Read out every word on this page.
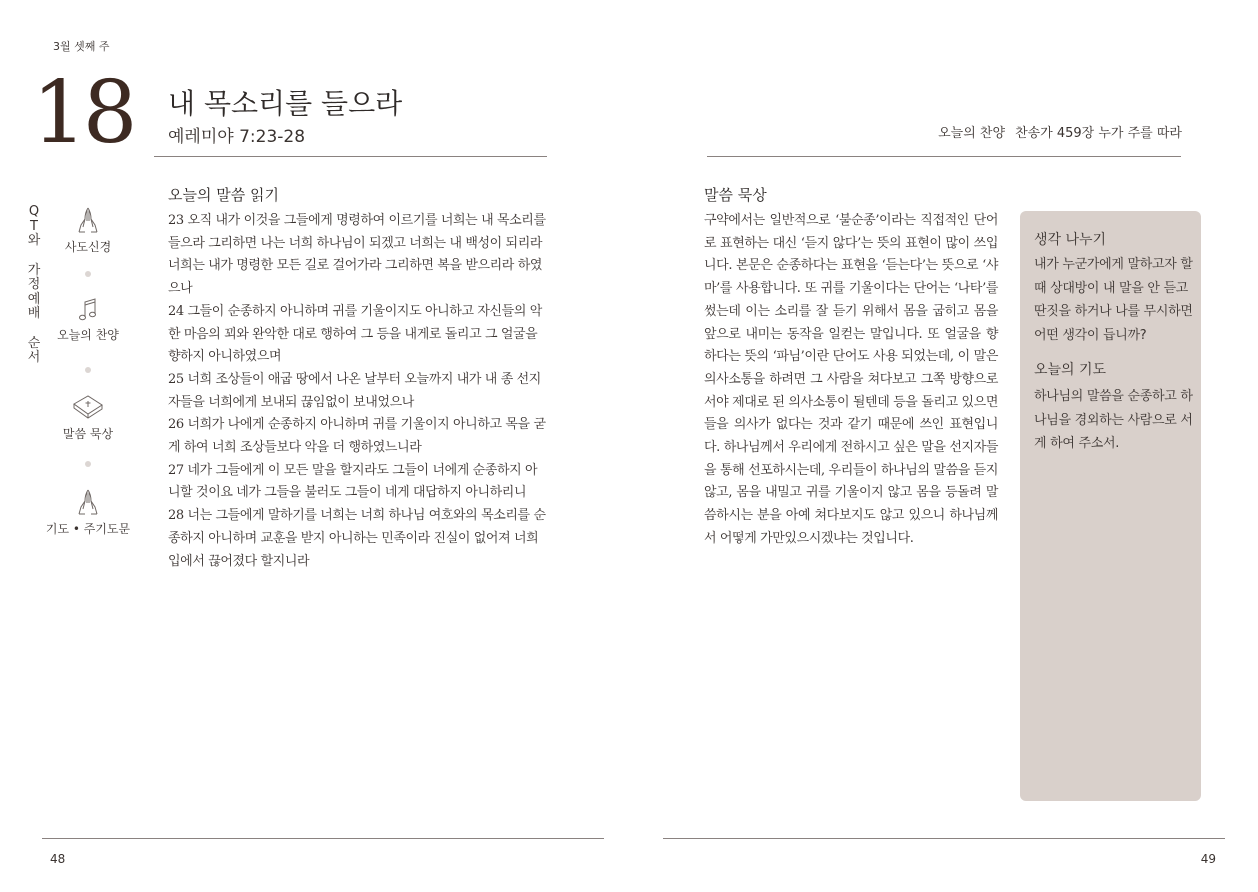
3월 셋째 주
18 내 목소리를 들으라
예레미야 7:23-28	오늘의 찬양 찬송가 459장 누가 주를 따라
Q
T
와
가
정
예
배
순
서
사도신경
오늘의 찬양
말씀 묵상
기도 • 주기도문
오늘의 말씀 읽기

23 오직 내가 이것을 그들에게 명령하여 이르기를 너희는 내 목소리를 들으라 그리하면 나는 너희 하나님이 되겠고 너희는 내 백성이 되리라 너희는 내가 명령한 모든 길로 걸어가라 그리하면 복을 받으리라 하였으나

24 그들이 순종하지 아니하며 귀를 기울이지도 아니하고 자신들의 악한 마음의 꾀와 완악한 대로 행하여 그 등을 내게로 돌리고 그 얼굴을 향하지 아니하였으며

25 너희 조상들이 애굽 땅에서 나온 날부터 오늘까지 내가 내 종 선지자들을 너희에게 보내되 끊임없이 보내었으나

26 너희가 나에게 순종하지 아니하며 귀를 기울이지 아니하고 목을 굳게 하여 너희 조상들보다 악을 더 행하였느니라

27 네가 그들에게 이 모든 말을 할지라도 그들이 너에게 순종하지 아니할 것이요 네가 그들을 불러도 그들이 네게 대답하지 아니하리니

28 너는 그들에게 말하기를 너희는 너희 하나님 여호와의 목소리를 순종하지 아니하며 교훈을 받지 아니하는 민족이라 진실이 없어져 너희 입에서 끊어졌다 할지니라

말씀 묵상
구약에서는 일반적으로 ‘불순종’이라는 직접적인 단어로 표현하는 대신 ‘듣지 않다’는 뜻의 표현이 많이 쓰입니다. 본문은 순종하다는 표현을 ‘듣는다’는 뜻으로 ‘샤마’를 사용합니다. 또 귀를 기울이다는 단어는 ‘나타’를 썼는데 이는 소리를 잘 듣기 위해서 몸을 굽히고 몸을 앞으로 내미는 동작을 일컫는 말입니다. 또 얼굴을 향하다는 뜻의 ‘파님’이란 단어도 사용 되었는데, 이 말은 의사소통을 하려면 그 사람을 쳐다보고 그쪽 방향으로 서야 제대로 된 의사소통이 될텐데 등을 돌리고 있으면 들을 의사가 없다는 것과 같기 때문에 쓰인 표현입니다. 하나님께서 우리에게 전하시고 싶은 말을 선지자들을 통해 선포하시는데, 우리들이 하나님의 말씀을 듣지 않고, 몸을 내밀고 귀를 기울이지 않고 몸을 등돌려 말씀하시는 분을 아예 쳐다보지도 않고 있으니 하나님께서 어떻게 가만있으시겠냐는 것입니다.
생각 나누기
내가 누군가에게 말하고자 할 때 상대방이 내 말을 안 듣고 딴짓을 하거나 나를 무시하면 어떤 생각이 듭니까?
오늘의 기도
하나님의 말씀을 순종하고 하나님을 경외하는 사람으로 서게 하여 주소서.
48	49
